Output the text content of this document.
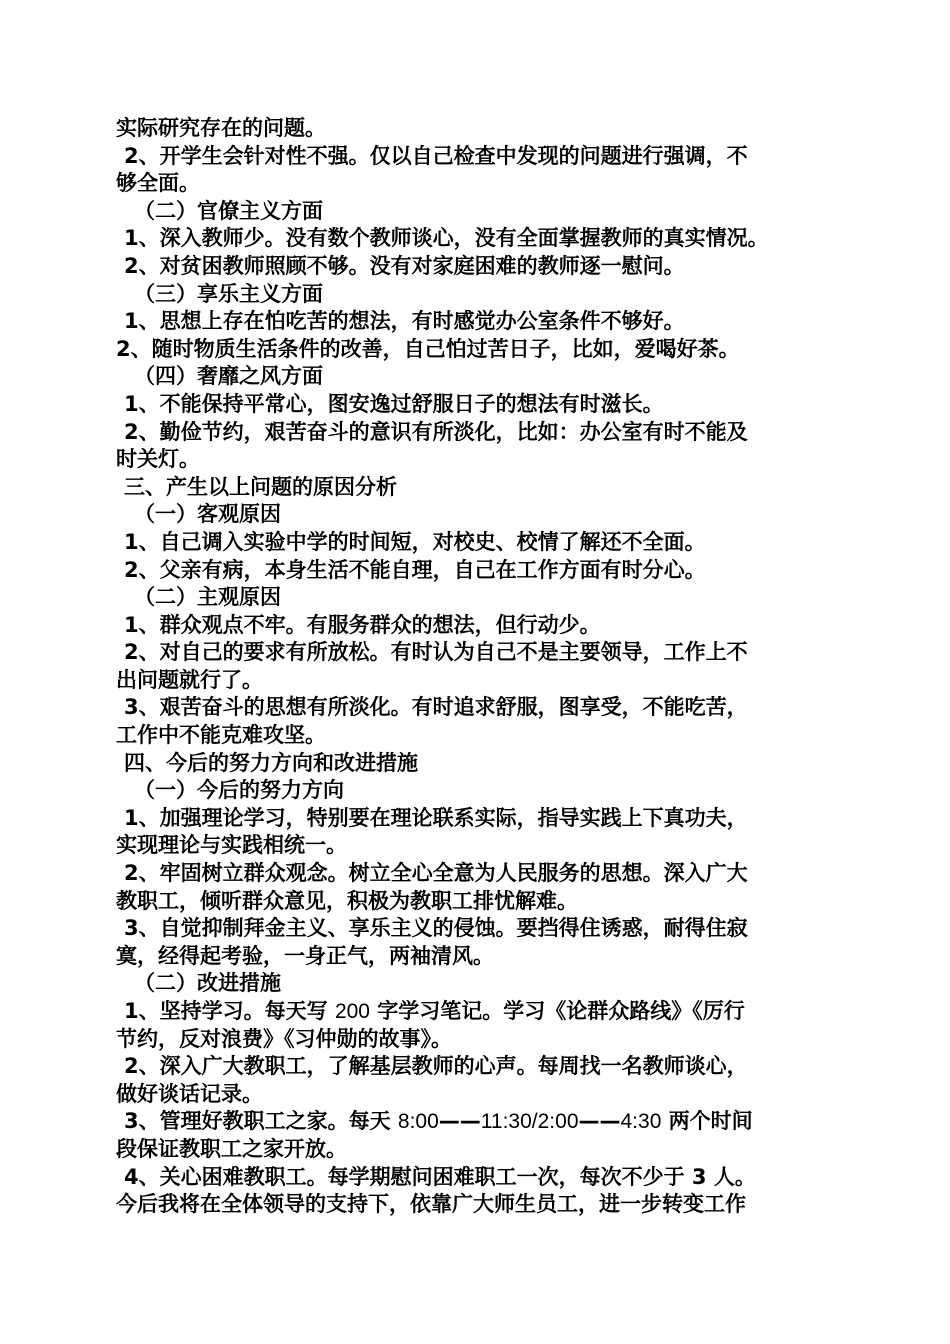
实际研究存在的问题。
2、开学生会针对性不强。仅以自己检查中发现的问题进行强调，不
够全面。
（二）官僚主义方面
1、深入教师少。没有数个教师谈心，没有全面掌握教师的真实情况。
2、对贫困教师照顾不够。没有对家庭困难的教师逐一慰问。
（三）享乐主义方面
1、思想上存在怕吃苦的想法，有时感觉办公室条件不够好。
2、随时物质生活条件的改善，自己怕过苦日子，比如，爱喝好茶。
（四）奢靡之风方面
1、不能保持平常心，图安逸过舒服日子的想法有时滋长。
2、勤俭节约，艰苦奋斗的意识有所淡化，比如：办公室有时不能及
时关灯。
三、产生以上问题的原因分析
（一）客观原因
1、自己调入实验中学的时间短，对校史、校情了解还不全面。
2、父亲有病，本身生活不能自理，自己在工作方面有时分心。
（二）主观原因
1、群众观点不牢。有服务群众的想法，但行动少。
2、对自己的要求有所放松。有时认为自己不是主要领导，工作上不
出问题就行了。
3、艰苦奋斗的思想有所淡化。有时追求舒服，图享受，不能吃苦，
工作中不能克难攻坚。
四、今后的努力方向和改进措施
（一）今后的努力方向
1、加强理论学习，特别要在理论联系实际，指导实践上下真功夫，
实现理论与实践相统一。
2、牢固树立群众观念。树立全心全意为人民服务的思想。深入广大
教职工，倾听群众意见，积极为教职工排忧解难。
3、自觉抑制拜金主义、享乐主义的侵蚀。要挡得住诱惑，耐得住寂
寞，经得起考验，一身正气，两袖清风。
（二）改进措施
1、坚持学习。每天写 200 字学习笔记。学习《论群众路线》《厉行
节约，反对浪费》《习仲勋的故事》。
2、深入广大教职工，了解基层教师的心声。每周找一名教师谈心，
做好谈话记录。
3、管理好教职工之家。每天 8:00——11:30/2:00——4:30 两个时间
段保证教职工之家开放。
4、关心困难教职工。每学期慰问困难职工一次，每次不少于 3 人。
今后我将在全体领导的支持下，依靠广大师生员工，进一步转变工作
